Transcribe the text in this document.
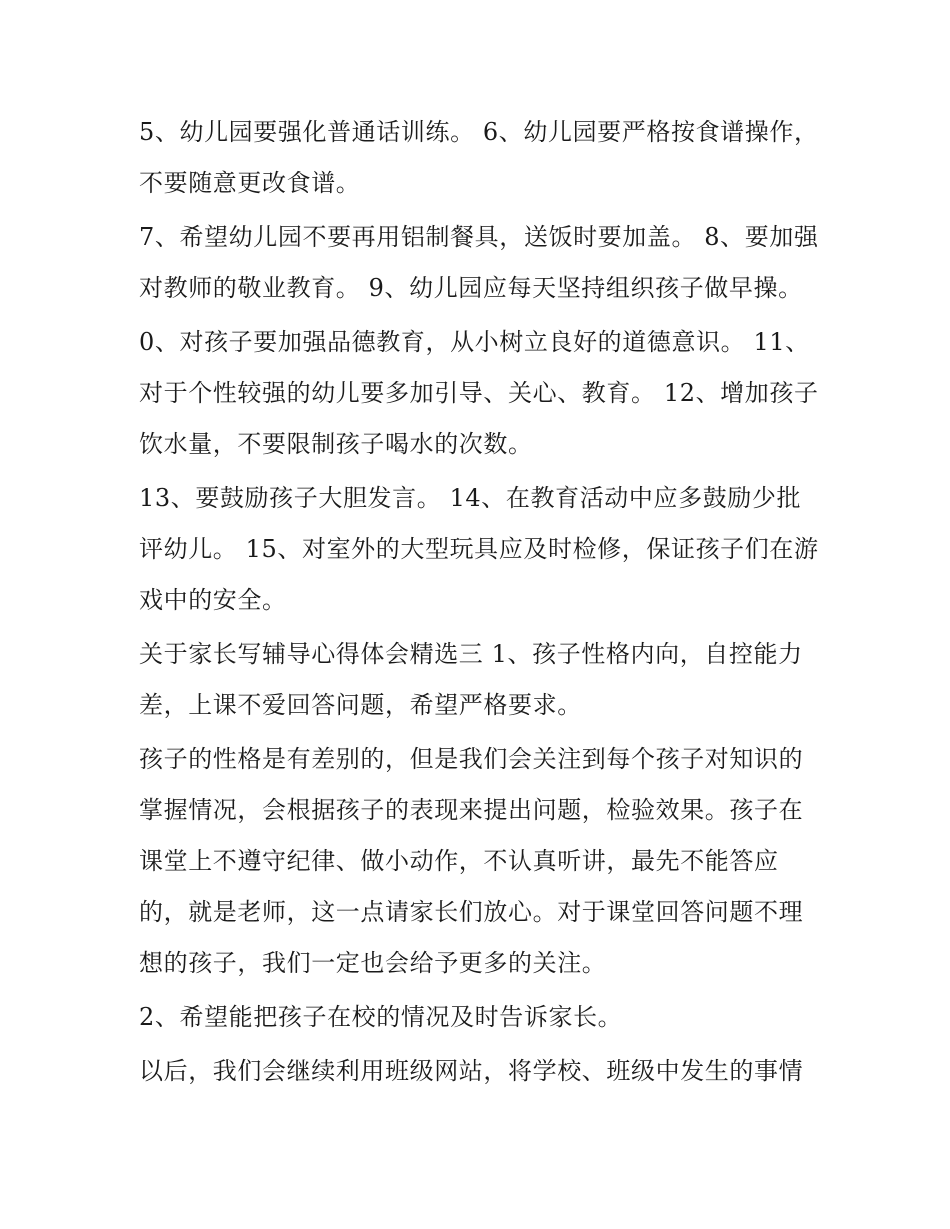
5、幼儿园要强化普通话训练。 6、幼儿园要严格按食谱操作，不要随意更改食谱。

7、希望幼儿园不要再用铝制餐具，送饭时要加盖。 8、要加强对教师的敬业教育。 9、幼儿园应每天坚持组织孩子做早操。

0、对孩子要加强品德教育，从小树立良好的道德意识。 11、对于个性较强的幼儿要多加引导、关心、教育。 12、增加孩子饮水量，不要限制孩子喝水的次数。

13、要鼓励孩子大胆发言。 14、在教育活动中应多鼓励少批评幼儿。 15、对室外的大型玩具应及时检修，保证孩子们在游戏中的安全。

关于家长写辅导心得体会精选三 1、孩子性格内向，自控能力差，上课不爱回答问题，希望严格要求。

孩子的性格是有差别的，但是我们会关注到每个孩子对知识的掌握情况，会根据孩子的表现来提出问题，检验效果。孩子在课堂上不遵守纪律、做小动作，不认真听讲，最先不能答应的，就是老师，这一点请家长们放心。对于课堂回答问题不理想的孩子，我们一定也会给予更多的关注。

2、希望能把孩子在校的情况及时告诉家长。

以后，我们会继续利用班级网站，将学校、班级中发生的事情
